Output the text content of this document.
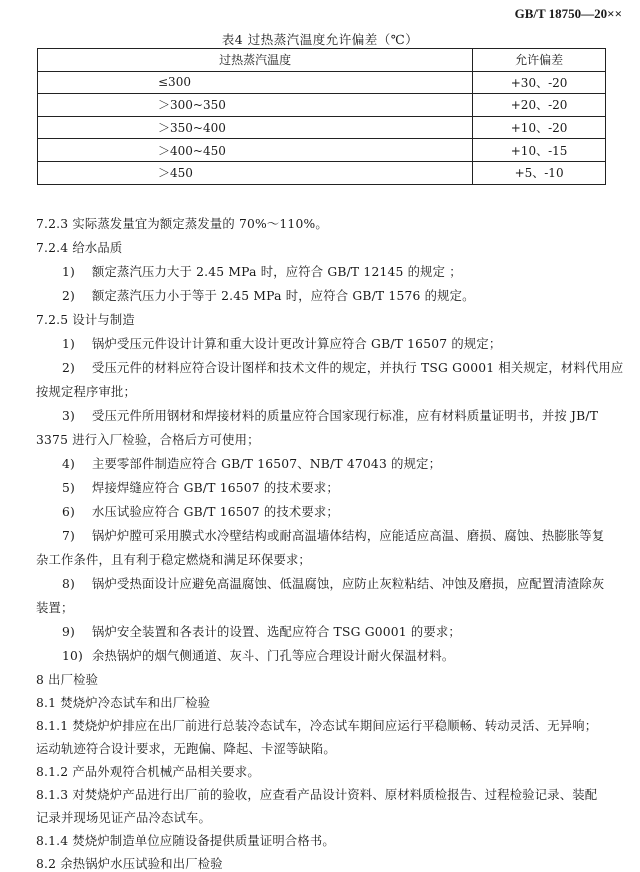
GB/T 18750—20××
表4 过热蒸汽温度允许偏差（℃）
过热蒸汽温度	允许偏差
≤300	+30、-20
＞300~350	+20、-20
＞350~400	+10、-20
＞400~450	+10、-15
＞450	+5、-10
7.2.3 实际蒸发量宜为额定蒸发量的 70%～110%。
7.2.4 给水品质
1) 额定蒸汽压力大于 2.45 MPa 时，应符合 GB/T 12145 的规定 ；
2) 额定蒸汽压力小于等于 2.45 MPa 时，应符合 GB/T 1576 的规定。
7.2.5 设计与制造
1) 锅炉受压元件设计计算和重大设计更改计算应符合 GB/T 16507 的规定；
2) 受压元件的材料应符合设计图样和技术文件的规定，并执行 TSG G0001 相关规定，材料代用应
按规定程序审批；
3) 受压元件所用钢材和焊接材料的质量应符合国家现行标准，应有材料质量证明书，并按 JB/T
3375 进行入厂检验，合格后方可使用；
4) 主要零部件制造应符合 GB/T 16507、NB/T 47043 的规定；
5) 焊接焊缝应符合 GB/T 16507 的技术要求；
6) 水压试验应符合 GB/T 16507 的技术要求；
7) 锅炉炉膛可采用膜式水冷壁结构或耐高温墙体结构，应能适应高温、磨损、腐蚀、热膨胀等复
杂工作条件，且有利于稳定燃烧和满足环保要求；
8) 锅炉受热面设计应避免高温腐蚀、低温腐蚀，应防止灰粒粘结、冲蚀及磨损，应配置清渣除灰
装置；
9) 锅炉安全装置和各表计的设置、选配应符合 TSG G0001 的要求；
10) 余热锅炉的烟气侧通道、灰斗、门孔等应合理设计耐火保温材料。
8 出厂检验
8.1 焚烧炉冷态试车和出厂检验
8.1.1 焚烧炉炉排应在出厂前进行总装冷态试车，冷态试车期间应运行平稳顺畅、转动灵活、无异响；
运动轨迹符合设计要求，无跑偏、降起、卡涩等缺陷。
8.1.2 产品外观符合机械产品相关要求。
8.1.3 对焚烧炉产品进行出厂前的验收，应查看产品设计资料、原材料质检报告、过程检验记录、装配
记录并现场见证产品冷态试车。
8.1.4 焚烧炉制造单位应随设备提供质量证明合格书。
8.2 余热锅炉水压试验和出厂检验
